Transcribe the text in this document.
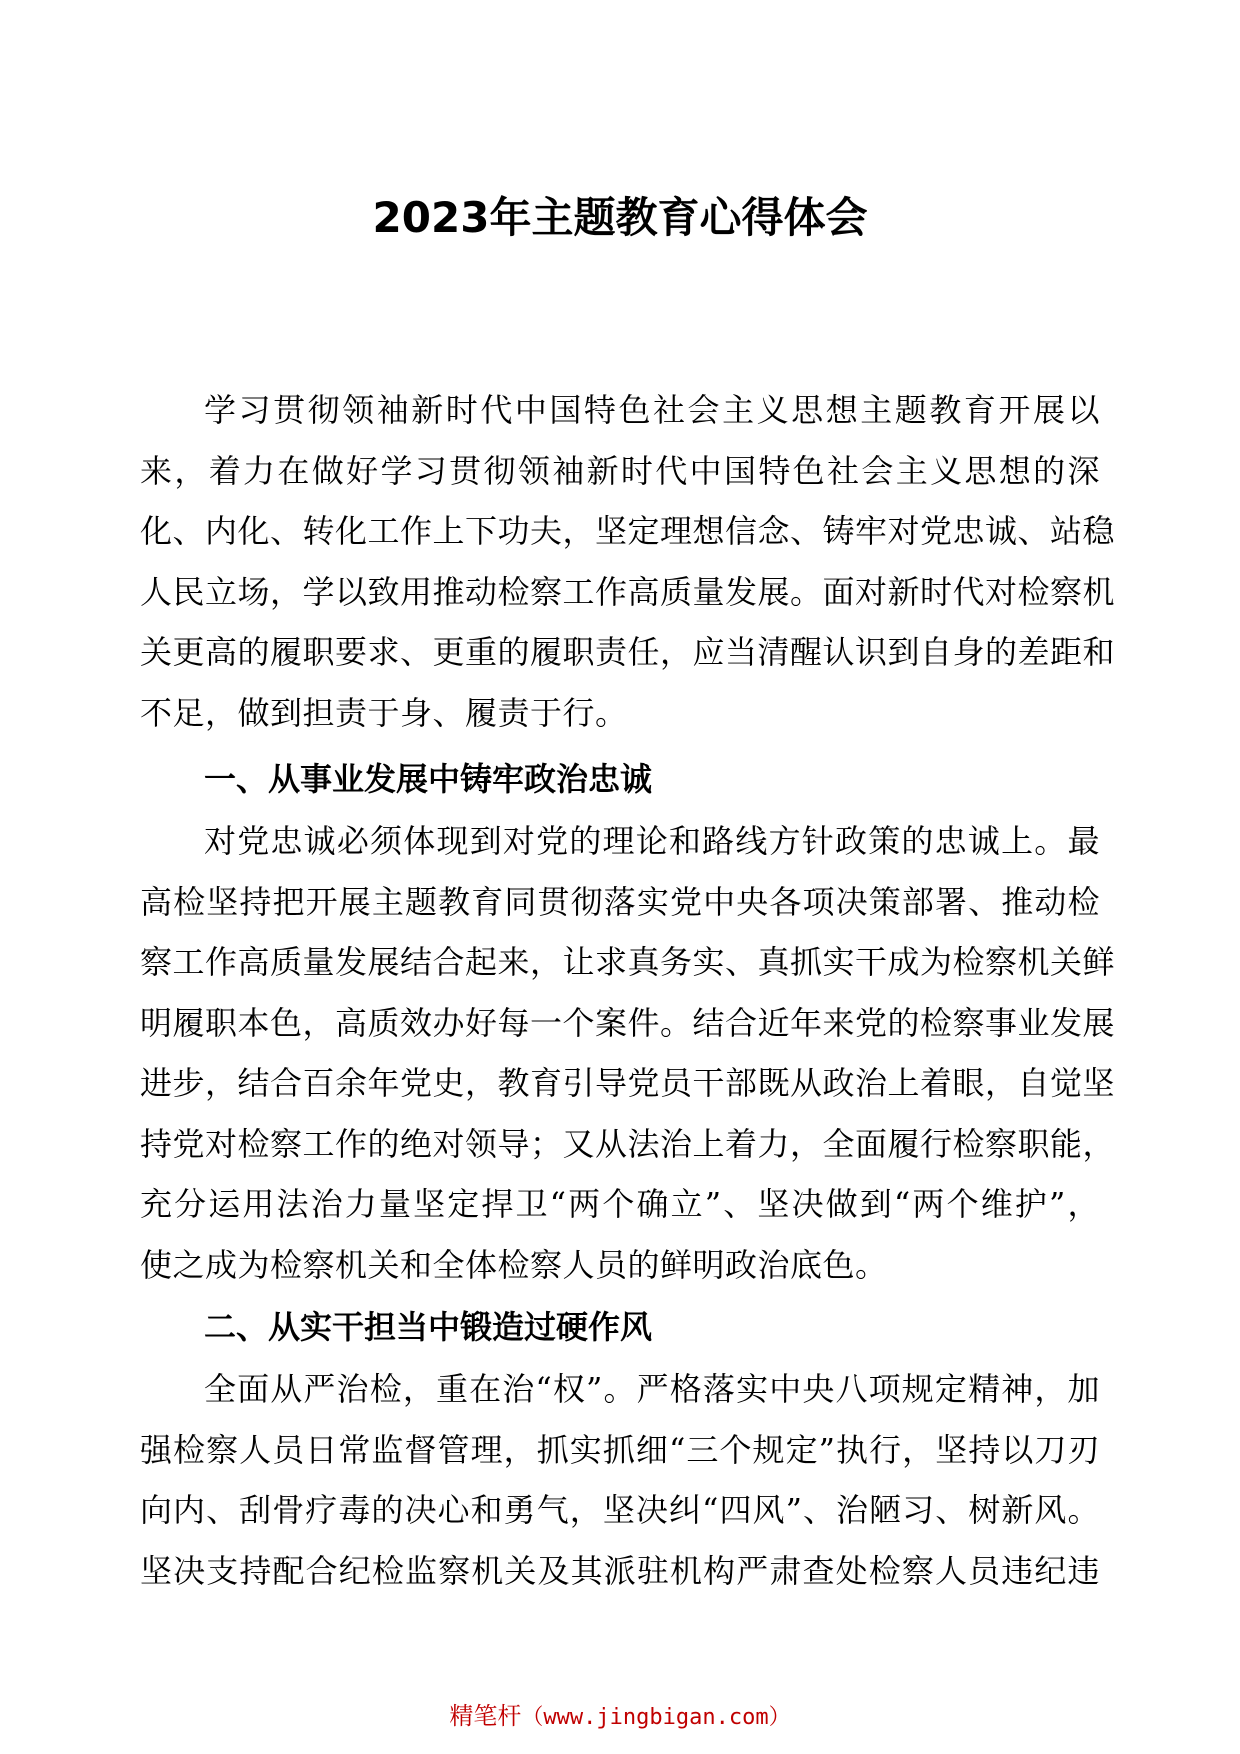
2023年主题教育心得体会
学习贯彻领袖新时代中国特色社会主义思想主题教育开展以
来，着力在做好学习贯彻领袖新时代中国特色社会主义思想的深
化、内化、转化工作上下功夫，坚定理想信念、铸牢对党忠诚、站稳
人民立场，学以致用推动检察工作高质量发展。面对新时代对检察机
关更高的履职要求、更重的履职责任，应当清醒认识到自身的差距和
不足，做到担责于身、履责于行。
一、从事业发展中铸牢政治忠诚
对党忠诚必须体现到对党的理论和路线方针政策的忠诚上。最
高检坚持把开展主题教育同贯彻落实党中央各项决策部署、推动检
察工作高质量发展结合起来，让求真务实、真抓实干成为检察机关鲜
明履职本色，高质效办好每一个案件。结合近年来党的检察事业发展
进步，结合百余年党史，教育引导党员干部既从政治上着眼，自觉坚
持党对检察工作的绝对领导；又从法治上着力，全面履行检察职能，
充分运用法治力量坚定捍卫“两个确立”、坚决做到“两个维护”，
使之成为检察机关和全体检察人员的鲜明政治底色。
二、从实干担当中锻造过硬作风
全面从严治检，重在治“权”。严格落实中央八项规定精神，加
强检察人员日常监督管理，抓实抓细“三个规定”执行，坚持以刀刃
向内、刮骨疗毒的决心和勇气，坚决纠“四风”、治陋习、树新风。
坚决支持配合纪检监察机关及其派驻机构严肃查处检察人员违纪违
精笔杆（www.jingbigan.com）
